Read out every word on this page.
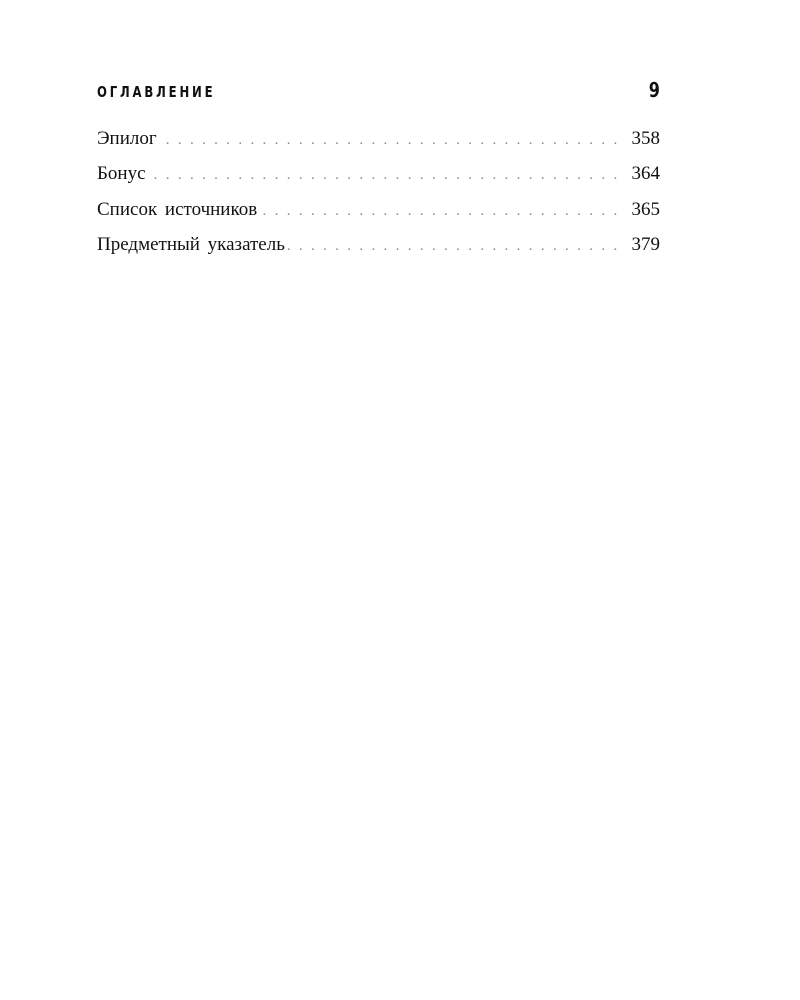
ОГЛАВЛЕНИЕ	9
Эпилог . . .	358
Бонус . . .	364
Список источников . . .	365
Предметный указатель . . .	379
